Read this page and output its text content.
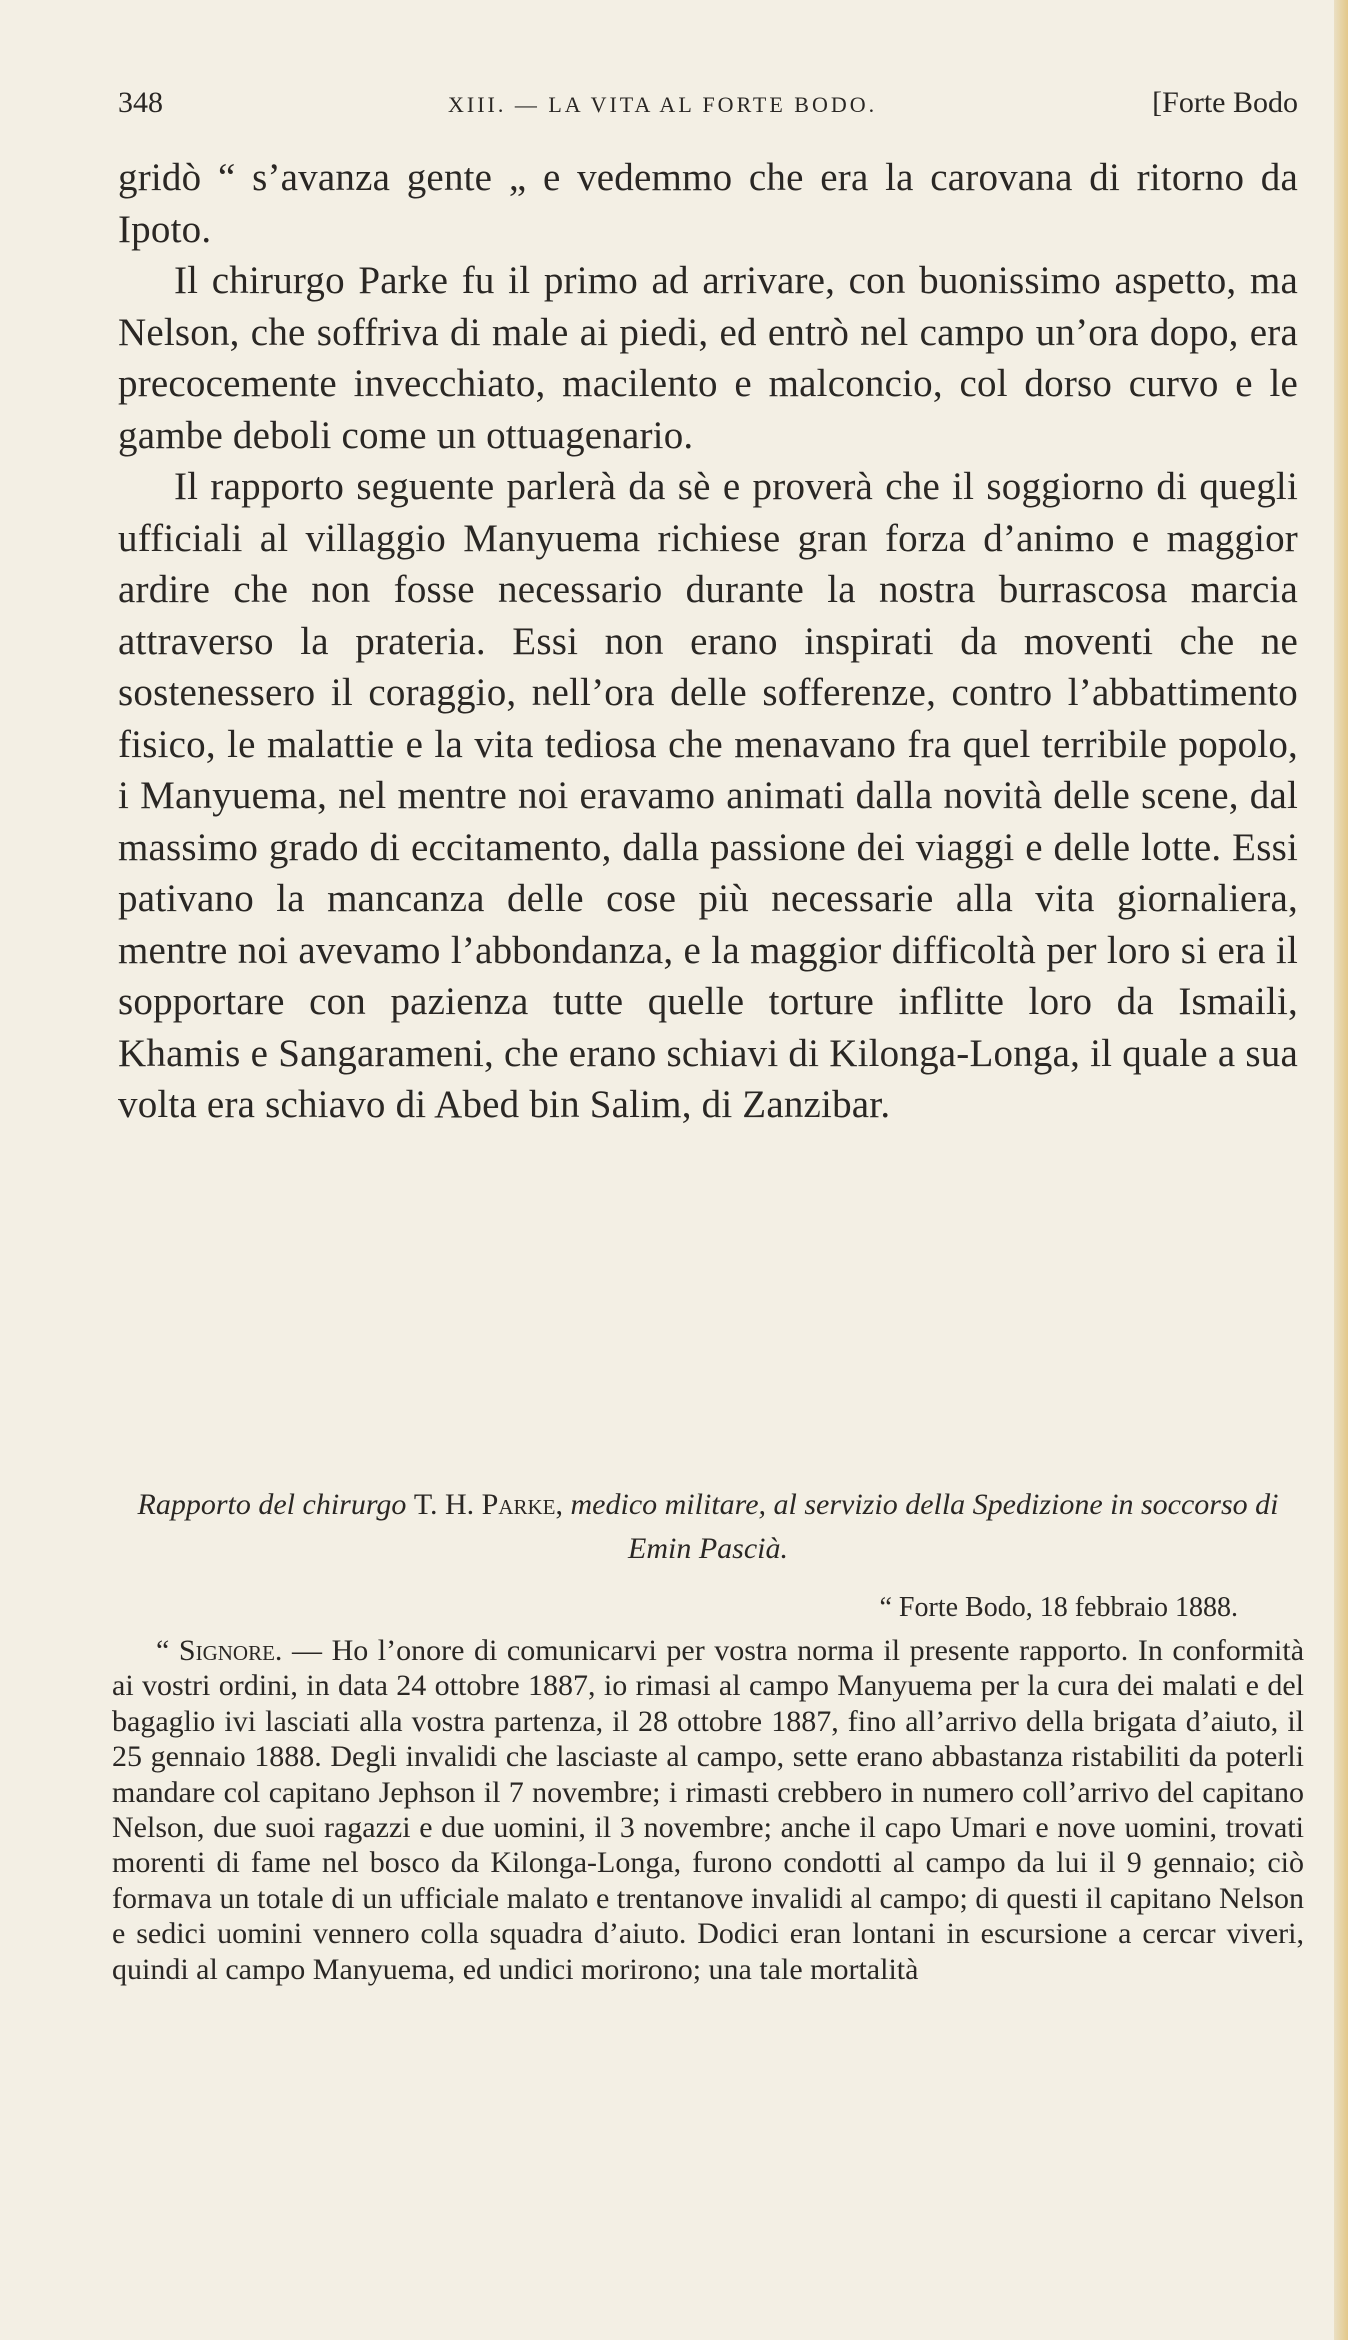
348	XIII. — LA VITA AL FORTE BODO.	[Forte Bodo

gridò “ s’avanza gente „ e vedemmo che era la carovana di ritorno da Ipoto.

Il chirurgo Parke fu il primo ad arrivare, con buonissimo aspetto, ma Nelson, che soffriva di male ai piedi, ed entrò nel campo un’ora dopo, era precocemente invecchiato, macilento e malconcio, col dorso curvo e le gambe deboli come un ottuagenario.

Il rapporto seguente parlerà da sè e proverà che il soggiorno di quegli ufficiali al villaggio Manyuema richiese gran forza d’animo e maggior ardire che non fosse necessario durante la nostra burrascosa marcia attraverso la prateria. Essi non erano inspirati da moventi che ne sostenessero il coraggio, nell’ora delle sofferenze, contro l’abbattimento fisico, le malattie e la vita tediosa che menavano fra quel terribile popolo, i Manyuema, nel mentre noi eravamo animati dalla novità delle scene, dal massimo grado di eccitamento, dalla passione dei viaggi e delle lotte. Essi pativano la mancanza delle cose più necessarie alla vita giornaliera, mentre noi avevamo l’abbondanza, e la maggior difficoltà per loro si era il sopportare con pazienza tutte quelle torture inflitte loro da Ismaili, Khamis e Sangarameni, che erano schiavi di Kilonga-Longa, il quale a sua volta era schiavo di Abed bin Salim, di Zanzibar.

Rapporto del chirurgo T. H. Parke, medico militare, al servizio della Spedizione in soccorso di Emin Pascià.
“ Forte Bodo, 18 febbraio 1888.

“ Signore. — Ho l’onore di comunicarvi per vostra norma il presente rapporto. In conformità ai vostri ordini, in data 24 ottobre 1887, io rimasi al campo Manyuema per la cura dei malati e del bagaglio ivi lasciati alla vostra partenza, il 28 ottobre 1887, fino all’arrivo della brigata d’aiuto, il 25 gennaio 1888. Degli invalidi che lasciaste al campo, sette erano abbastanza ristabiliti da poterli mandare col capitano Jephson il 7 novembre; i rimasti crebbero in numero coll’arrivo del capitano Nelson, due suoi ragazzi e due uomini, il 3 novembre; anche il capo Umari e nove uomini, trovati morenti di fame nel bosco da Kilonga-Longa, furono condotti al campo da lui il 9 gennaio; ciò formava un totale di un ufficiale malato e trentanove invalidi al campo; di questi il capitano Nelson e sedici uomini vennero colla squadra d’aiuto. Dodici eran lontani in escursione a cercar viveri, quindi al campo Manyuema, ed undici morirono; una tale mortalità
